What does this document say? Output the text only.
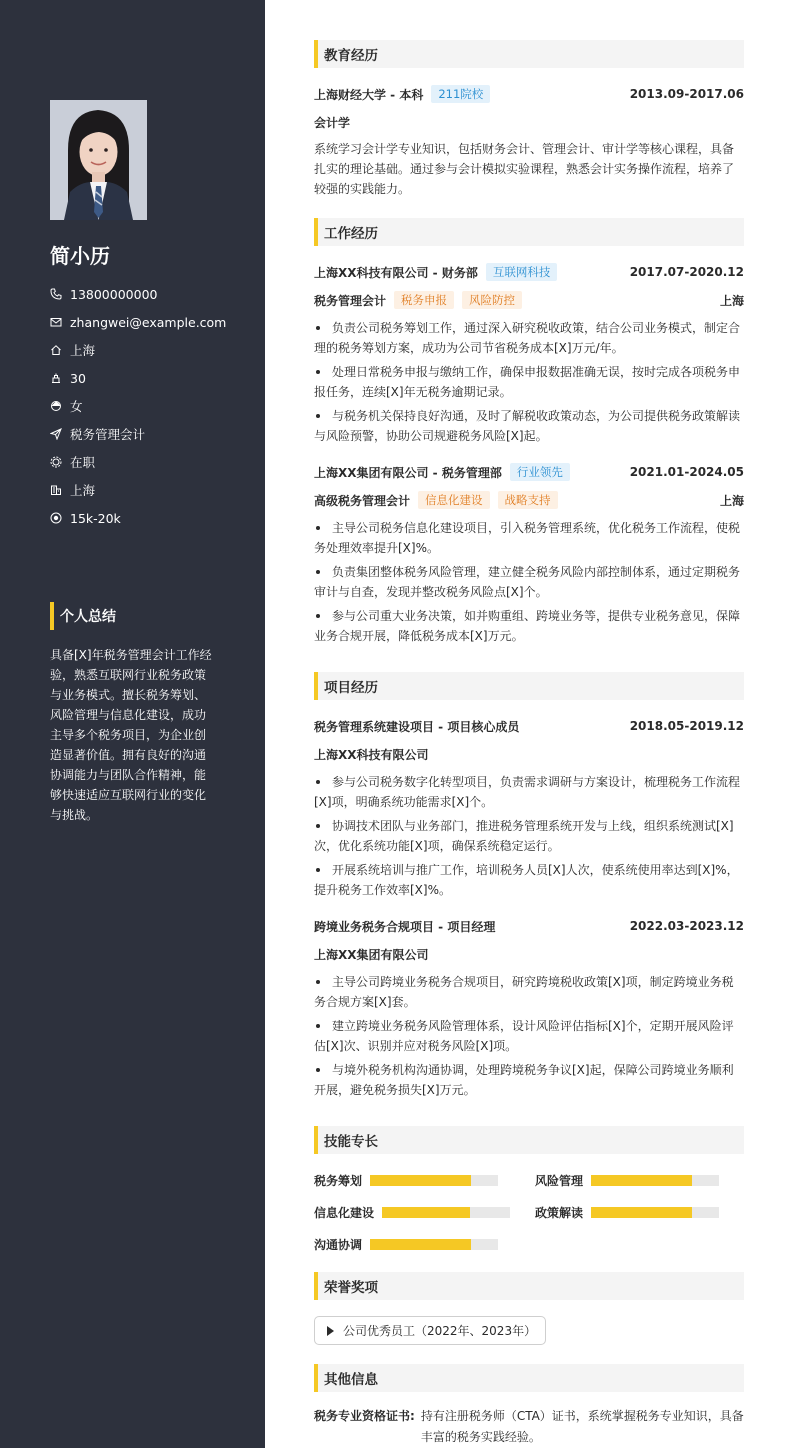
简小历
13800000000
zhangwei@example.com
上海
30
女
税务管理会计
在职
上海
15k-20k
个人总结
具备[X]年税务管理会计工作经验，熟悉互联网行业税务政策与业务模式。擅长税务筹划、风险管理与信息化建设，成功主导多个税务项目，为企业创造显著价值。拥有良好的沟通协调能力与团队合作精神，能够快速适应互联网行业的变化与挑战。
教育经历
上海财经大学 - 本科	211院校	2013.09-2017.06
会计学
系统学习会计学专业知识，包括财务会计、管理会计、审计学等核心课程，具备扎实的理论基础。通过参与会计模拟实验课程，熟悉会计实务操作流程，培养了较强的实践能力。
工作经历
上海XX科技有限公司 - 财务部	互联网科技	2017.07-2020.12
税务管理会计	税务申报	风险防控	上海
负责公司税务筹划工作，通过深入研究税收政策，结合公司业务模式，制定合理的税务筹划方案，成功为公司节省税务成本[X]万元/年。
处理日常税务申报与缴纳工作，确保申报数据准确无误，按时完成各项税务申报任务，连续[X]年无税务逾期记录。
与税务机关保持良好沟通，及时了解税收政策动态，为公司提供税务政策解读与风险预警，协助公司规避税务风险[X]起。
上海XX集团有限公司 - 税务管理部	行业领先	2021.01-2024.05
高级税务管理会计	信息化建设	战略支持	上海
主导公司税务信息化建设项目，引入税务管理系统，优化税务工作流程，使税务处理效率提升[X]%。
负责集团整体税务风险管理，建立健全税务风险内部控制体系，通过定期税务审计与自查，发现并整改税务风险点[X]个。
参与公司重大业务决策，如并购重组、跨境业务等，提供专业税务意见，保障业务合规开展，降低税务成本[X]万元。
项目经历
税务管理系统建设项目 - 项目核心成员	2018.05-2019.12
上海XX科技有限公司
参与公司税务数字化转型项目，负责需求调研与方案设计，梳理税务工作流程[X]项，明确系统功能需求[X]个。
协调技术团队与业务部门，推进税务管理系统开发与上线，组织系统测试[X]次，优化系统功能[X]项，确保系统稳定运行。
开展系统培训与推广工作，培训税务人员[X]人次，使系统使用率达到[X]%，提升税务工作效率[X]%。
跨境业务税务合规项目 - 项目经理	2022.03-2023.12
上海XX集团有限公司
主导公司跨境业务税务合规项目，研究跨境税收政策[X]项，制定跨境业务税务合规方案[X]套。
建立跨境业务税务风险管理体系，设计风险评估指标[X]个，定期开展风险评估[X]次、识别并应对税务风险[X]项。
与境外税务机构沟通协调，处理跨境税务争议[X]起，保障公司跨境业务顺利开展，避免税务损失[X]万元。
技能专长
税务筹划	风险管理
信息化建设	政策解读
沟通协调
荣誉奖项
公司优秀员工（2022年、2023年）
其他信息
税务专业资格证书: 持有注册税务师（CTA）证书，系统掌握税务专业知识，具备丰富的税务实践经验。
